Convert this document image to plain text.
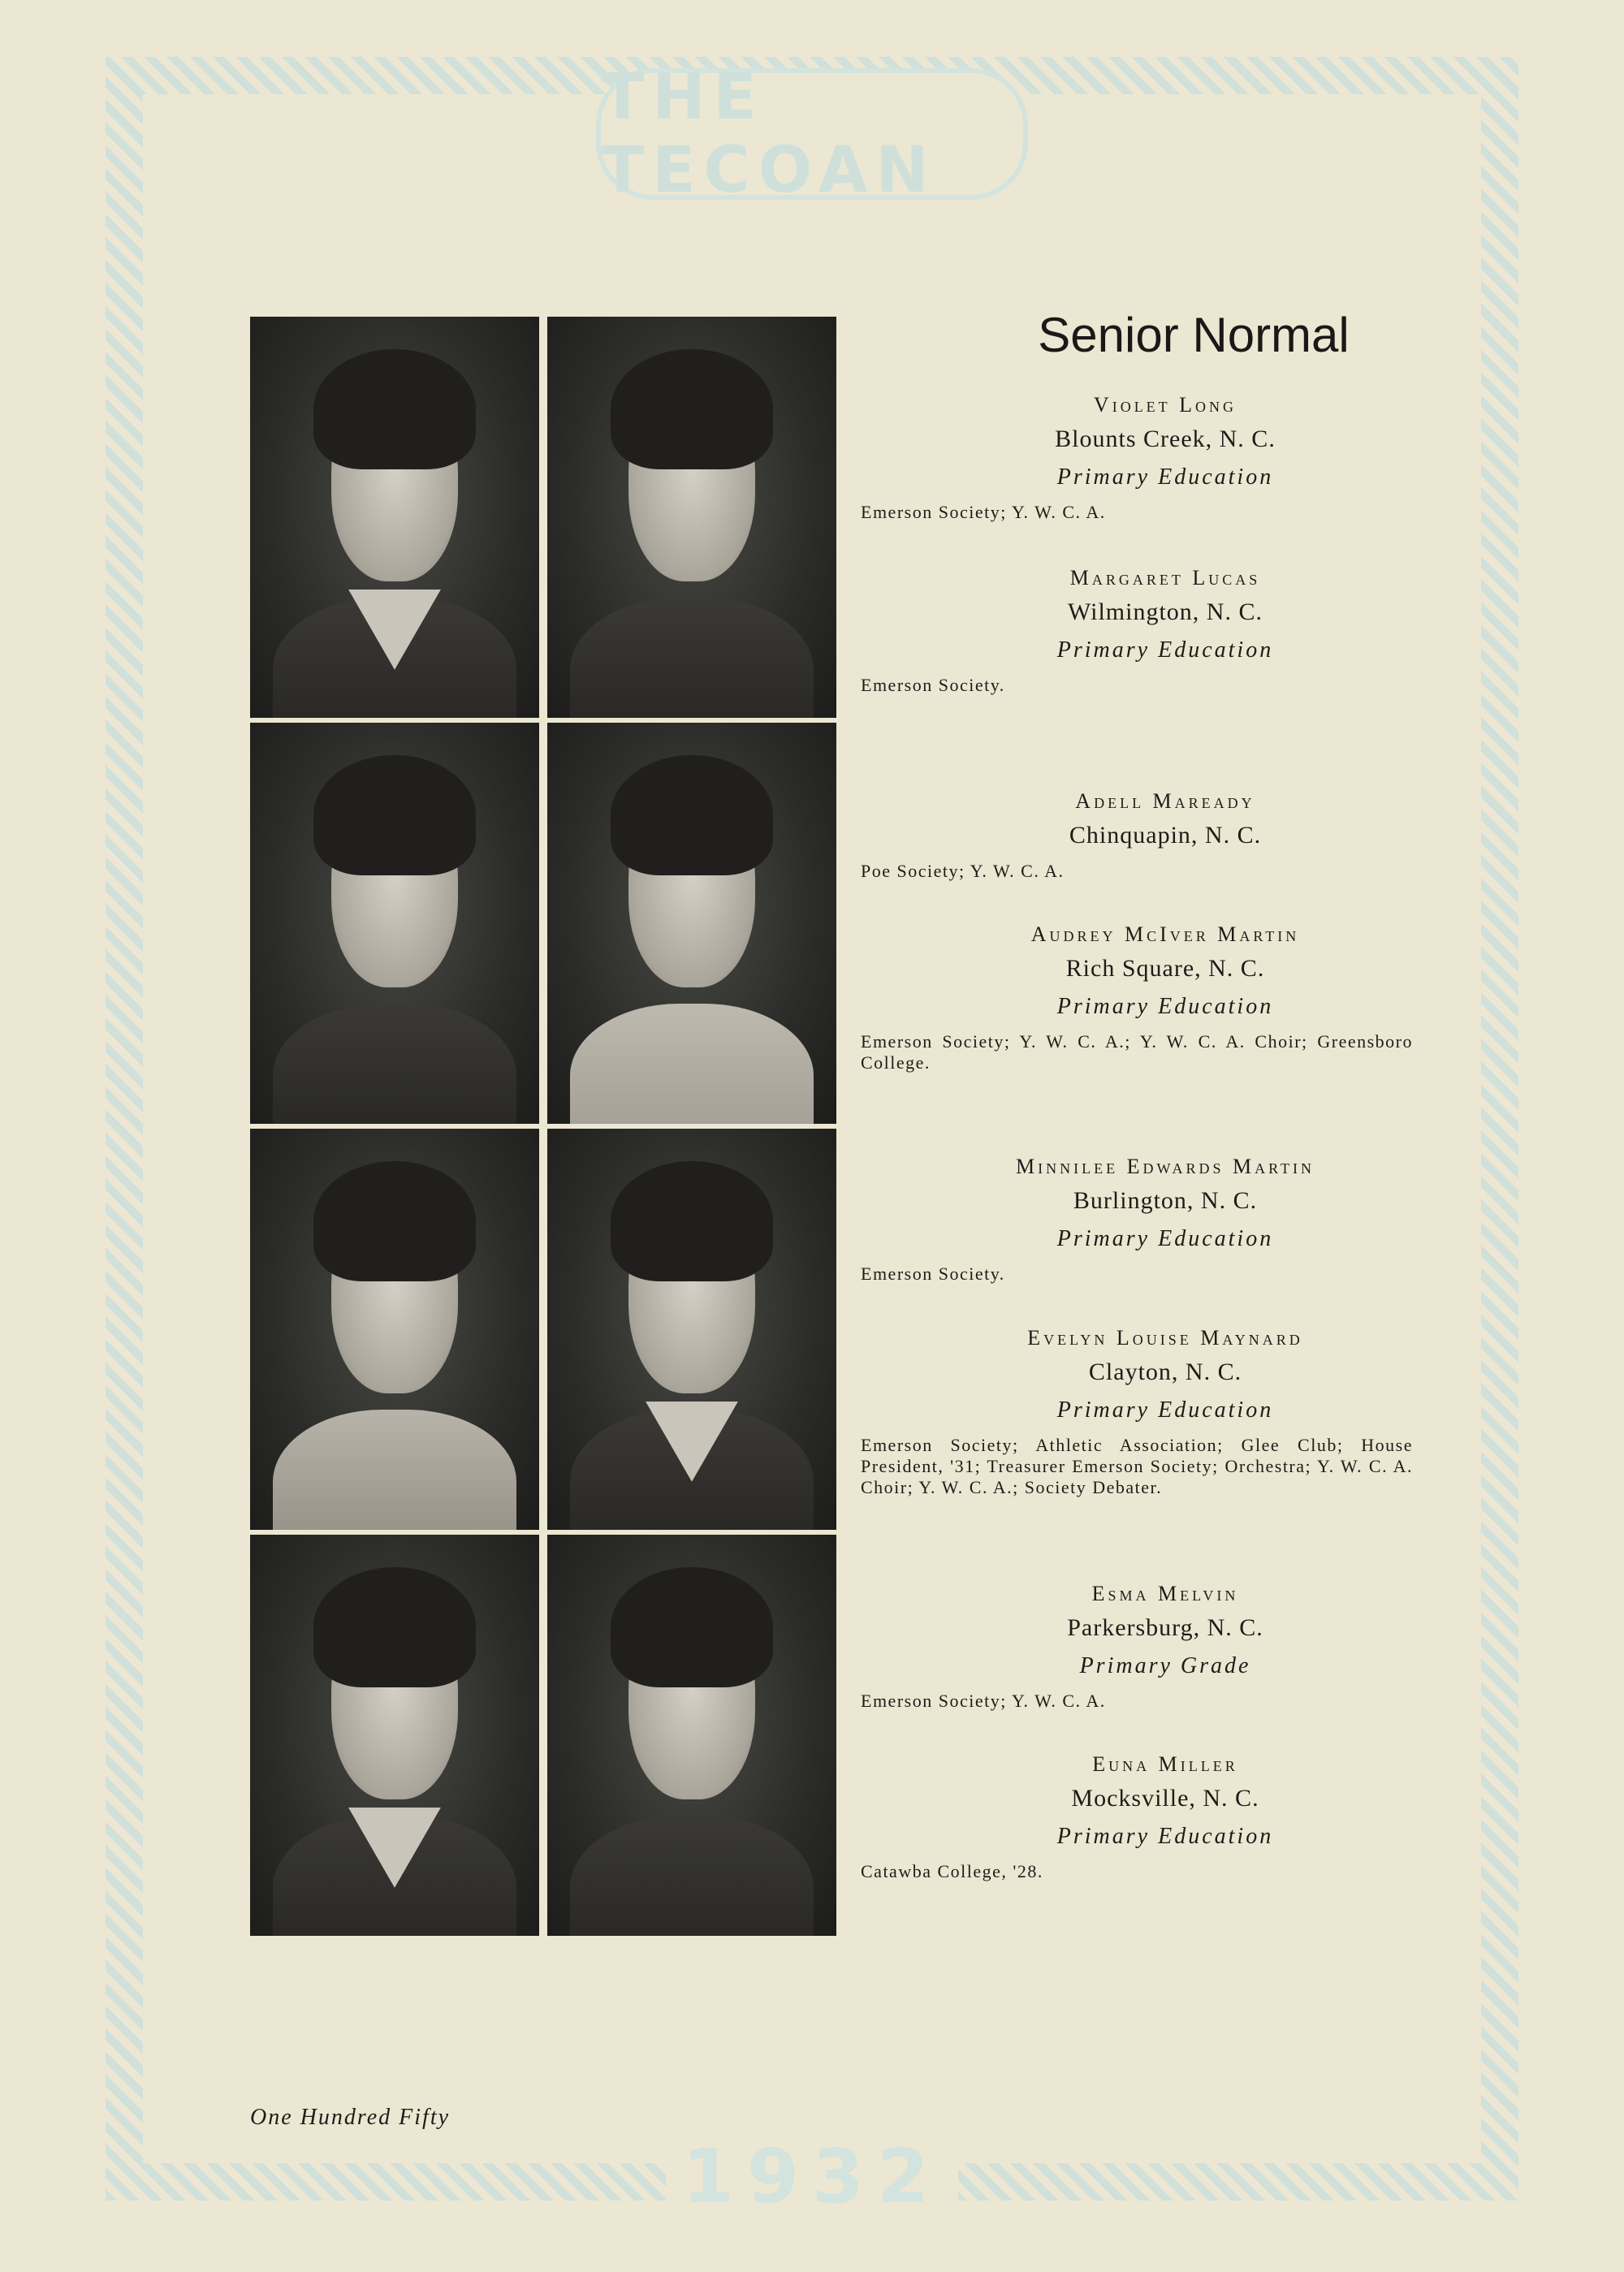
THE TECOAN
1932
Senior Normal
Violet Long
Blounts Creek, N. C.
Primary Education
Emerson Society; Y. W. C. A.
Margaret Lucas
Wilmington, N. C.
Primary Education
Emerson Society.
Adell Maready
Chinquapin, N. C.
Poe Society; Y. W. C. A.
Audrey McIver Martin
Rich Square, N. C.
Primary Education
Emerson Society; Y. W. C. A.; Y. W. C. A. Choir; Greensboro College.
Minnilee Edwards Martin
Burlington, N. C.
Primary Education
Emerson Society.
Evelyn Louise Maynard
Clayton, N. C.
Primary Education
Emerson Society; Athletic Association; Glee Club; House President, '31; Treasurer Emerson Society; Orchestra; Y. W. C. A. Choir; Y. W. C. A.; Society Debater.
Esma Melvin
Parkersburg, N. C.
Primary Grade
Emerson Society; Y. W. C. A.
Euna Miller
Mocksville, N. C.
Primary Education
Catawba College, '28.
One Hundred Fifty
